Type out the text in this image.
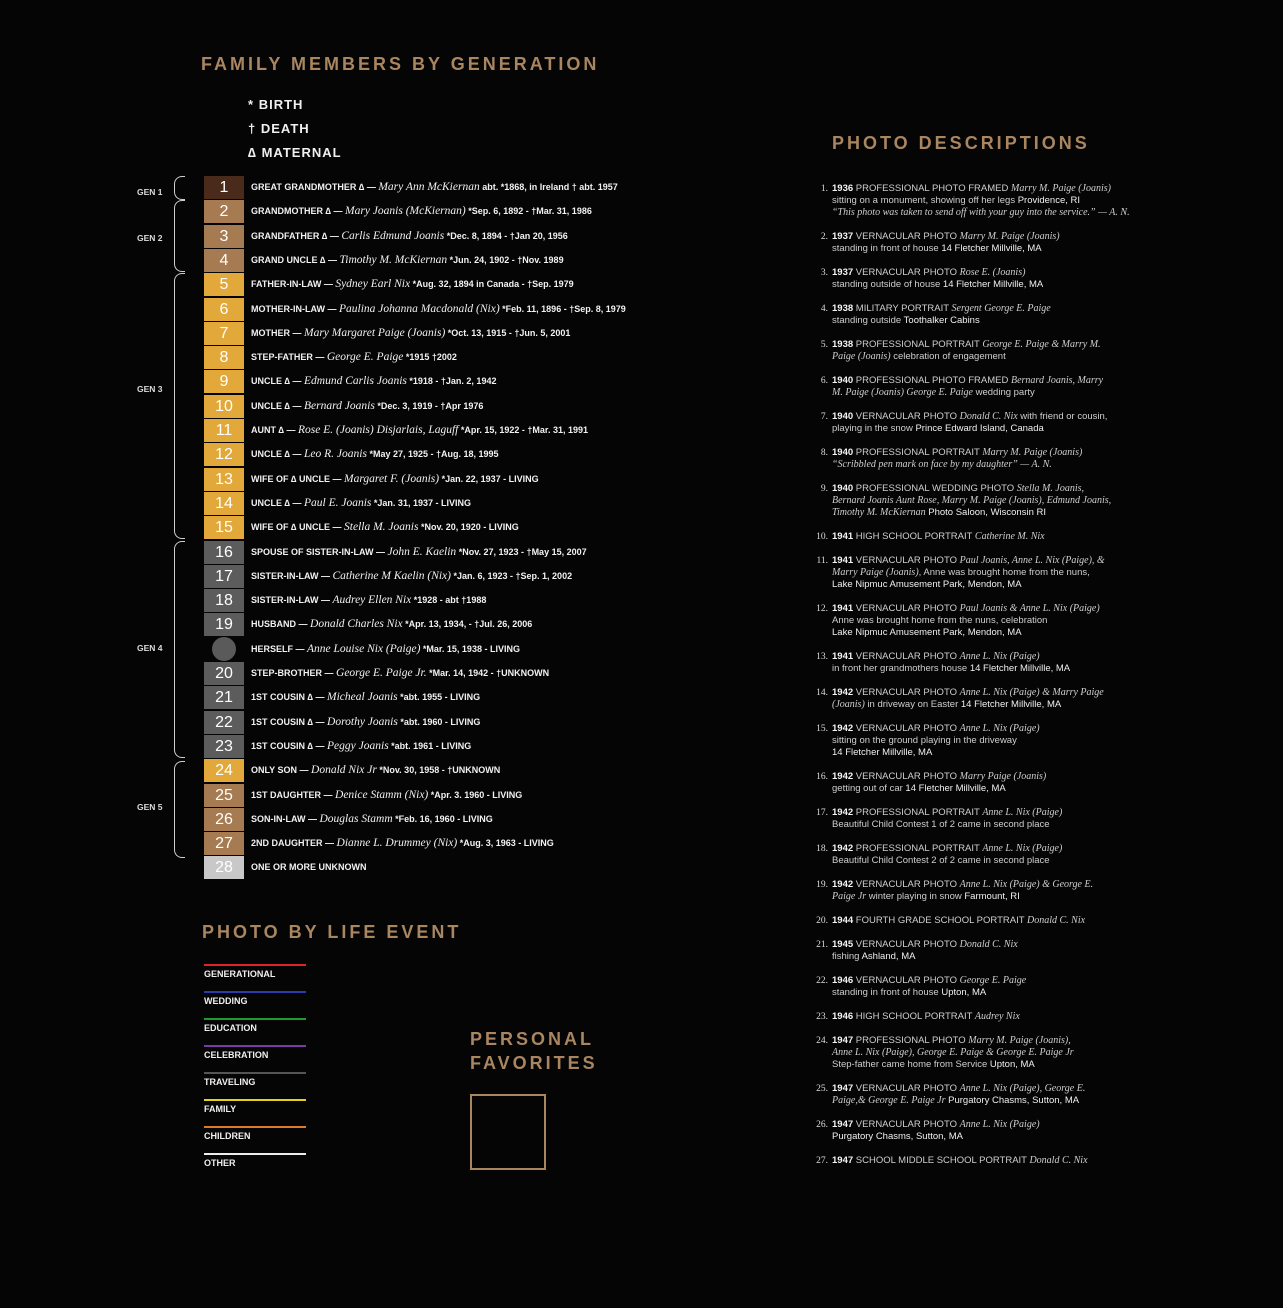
FAMILY MEMBERS BY GENERATION
* BIRTH
† DEATH
∆ MATERNAL
GEN 1
GEN 2
GEN 3
GEN 4
GEN 5
1	GREAT GRANDMOTHER ∆ — Mary Ann McKiernan abt. *1868, in Ireland † abt. 1957
2	GRANDMOTHER ∆ — Mary Joanis (McKiernan) *Sep. 6, 1892 - †Mar. 31, 1986
3	GRANDFATHER ∆ — Carlis Edmund Joanis *Dec. 8, 1894 - †Jan 20, 1956
4	GRAND UNCLE ∆ — Timothy M. McKiernan *Jun. 24, 1902 - †Nov. 1989
5	FATHER-IN-LAW — Sydney Earl Nix *Aug. 32, 1894 in Canada - †Sep. 1979
6	MOTHER-IN-LAW — Paulina Johanna Macdonald (Nix) *Feb. 11, 1896 - †Sep. 8, 1979
7	MOTHER — Mary Margaret Paige (Joanis) *Oct. 13, 1915 - †Jun. 5, 2001
8	STEP-FATHER — George E. Paige *1915 †2002
9	UNCLE ∆ — Edmund Carlis Joanis *1918 - †Jan. 2, 1942
10	UNCLE ∆ — Bernard Joanis *Dec. 3, 1919 - †Apr 1976
11	AUNT ∆ — Rose E. (Joanis) Disjarlais, Laguff *Apr. 15, 1922 - †Mar. 31, 1991
12	UNCLE ∆ — Leo R. Joanis *May 27, 1925 - †Aug. 18, 1995
13	WIFE OF ∆ UNCLE — Margaret F. (Joanis) *Jan. 22, 1937 - LIVING
14	UNCLE ∆ — Paul E. Joanis *Jan. 31, 1937 - LIVING
15	WIFE OF ∆ UNCLE — Stella M. Joanis *Nov. 20, 1920 - LIVING
16	SPOUSE OF SISTER-IN-LAW — John E. Kaelin *Nov. 27, 1923 - †May 15, 2007
17	SISTER-IN-LAW — Catherine M Kaelin (Nix) *Jan. 6, 1923 - †Sep. 1, 2002
18	SISTER-IN-LAW — Audrey Ellen Nix *1928 - abt †1988
19	HUSBAND — Donald Charles Nix *Apr. 13, 1934, - †Jul. 26, 2006
HERSELF — Anne Louise Nix (Paige) *Mar. 15, 1938 - LIVING
20	STEP-BROTHER — George E. Paige Jr. *Mar. 14, 1942 - †UNKNOWN
21	1ST COUSIN ∆ — Micheal Joanis *abt. 1955 - LIVING
22	1ST COUSIN ∆ — Dorothy Joanis *abt. 1960 - LIVING
23	1ST COUSIN ∆ — Peggy Joanis *abt. 1961 - LIVING
24	ONLY SON — Donald Nix Jr *Nov. 30, 1958 - †UNKNOWN
25	1ST DAUGHTER — Denice Stamm (Nix) *Apr. 3. 1960 - LIVING
26	SON-IN-LAW — Douglas Stamm *Feb. 16, 1960 - LIVING
27	2ND DAUGHTER — Dianne L. Drummey (Nix) *Aug. 3, 1963 - LIVING
28	ONE OR MORE UNKNOWN
PHOTO BY LIFE EVENT
GENERATIONAL
WEDDING
EDUCATION
CELEBRATION
TRAVELING
FAMILY
CHILDREN
OTHER
PERSONAL
FAVORITES
PHOTO DESCRIPTIONS
1. 1936 PROFESSIONAL PHOTO FRAMED Marry M. Paige (Joanis)
sitting on a monument, showing off her legs Providence, RI
“This photo was taken to send off with your guy into the service.” — A. N.
2. 1937 VERNACULAR PHOTO Marry M. Paige (Joanis)
standing in front of house 14 Fletcher Millville, MA
3. 1937 VERNACULAR PHOTO Rose E. (Joanis)
standing outside of house 14 Fletcher Millville, MA
4. 1938 MILITARY PORTRAIT Sergent George E. Paige
standing outside Toothalker Cabins
5. 1938 PROFESSIONAL PORTRAIT George E. Paige & Marry M.
Paige (Joanis) celebration of engagement
6. 1940 PROFESSIONAL PHOTO FRAMED Bernard Joanis, Marry
M. Paige (Joanis) George E. Paige wedding party
7. 1940 VERNACULAR PHOTO Donald C. Nix with friend or cousin,
playing in the snow Prince Edward Island, Canada
8. 1940 PROFESSIONAL PORTRAIT Marry M. Paige (Joanis)
“Scribbled pen mark on face by my daughter” — A. N.
9. 1940 PROFESSIONAL WEDDING PHOTO Stella M. Joanis,
Bernard Joanis Aunt Rose, Marry M. Paige (Joanis), Edmund Joanis,
Timothy M. McKiernan Photo Saloon, Wisconsin RI
10. 1941 HIGH SCHOOL PORTRAIT Catherine M. Nix
11. 1941 VERNACULAR PHOTO Paul Joanis, Anne L. Nix (Paige), &
Marry Paige (Joanis), Anne was brought home from the nuns,
Lake Nipmuc Amusement Park, Mendon, MA
12. 1941 VERNACULAR PHOTO Paul Joanis & Anne L. Nix (Paige)
Anne was brought home from the nuns, celebration
Lake Nipmuc Amusement Park, Mendon, MA
13. 1941 VERNACULAR PHOTO Anne L. Nix (Paige)
in front her grandmothers house 14 Fletcher Millville, MA
14. 1942 VERNACULAR PHOTO Anne L. Nix (Paige) & Marry Paige
(Joanis) in driveway on Easter 14 Fletcher Millville, MA
15. 1942 VERNACULAR PHOTO Anne L. Nix (Paige)
sitting on the ground playing in the driveway
14 Fletcher Millville, MA
16. 1942 VERNACULAR PHOTO Marry Paige (Joanis)
getting out of car 14 Fletcher Millville, MA
17. 1942 PROFESSIONAL PORTRAIT Anne L. Nix (Paige)
Beautiful Child Contest 1 of 2 came in second place
18. 1942 PROFESSIONAL PORTRAIT Anne L. Nix (Paige)
Beautiful Child Contest 2 of 2 came in second place
19. 1942 VERNACULAR PHOTO Anne L. Nix (Paige) & George E.
Paige Jr winter playing in snow Farmount, RI
20. 1944 FOURTH GRADE SCHOOL PORTRAIT Donald C. Nix
21. 1945 VERNACULAR PHOTO Donald C. Nix
fishing Ashland, MA
22. 1946 VERNACULAR PHOTO George E. Paige
standing in front of house Upton, MA
23. 1946 HIGH SCHOOL PORTRAIT Audrey Nix
24. 1947 PROFESSIONAL PHOTO Marry M. Paige (Joanis),
Anne L. Nix (Paige), George E. Paige & George E. Paige Jr
Step-father came home from Service Upton, MA
25. 1947 VERNACULAR PHOTO Anne L. Nix (Paige), George E.
Paige,& George E. Paige Jr Purgatory Chasms, Sutton, MA
26. 1947 VERNACULAR PHOTO Anne L. Nix (Paige)
Purgatory Chasms, Sutton, MA
27. 1947 SCHOOL MIDDLE SCHOOL PORTRAIT Donald C. Nix
